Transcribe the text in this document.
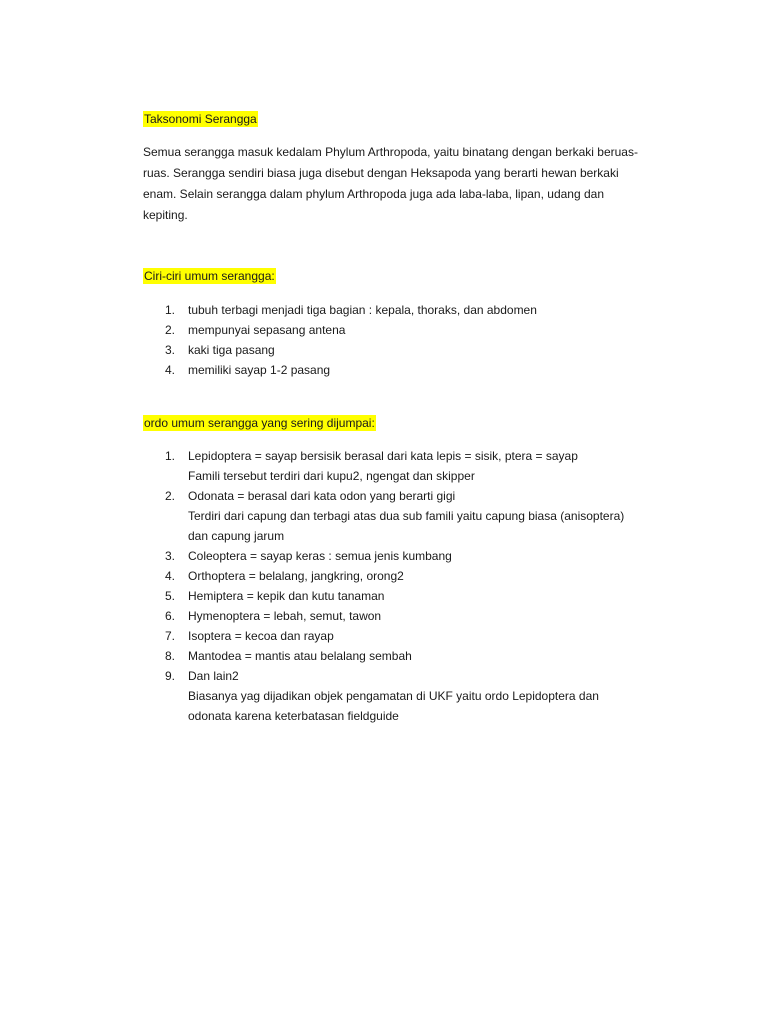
Taksonomi Serangga
Semua serangga masuk kedalam Phylum Arthropoda, yaitu binatang dengan berkaki beruas-
ruas. Serangga sendiri biasa juga disebut dengan Heksapoda yang berarti hewan berkaki
enam. Selain serangga dalam phylum Arthropoda juga ada laba-laba, lipan, udang dan
kepiting.
Ciri-ciri umum serangga:
1. tubuh terbagi menjadi tiga bagian : kepala, thoraks, dan abdomen
2. mempunyai sepasang antena
3. kaki tiga pasang
4. memiliki sayap 1-2 pasang
ordo umum serangga yang sering dijumpai:
1. Lepidoptera = sayap bersisik berasal dari kata lepis = sisik, ptera = sayap
Famili tersebut terdiri dari kupu2, ngengat dan skipper
2. Odonata = berasal dari kata odon yang berarti gigi
Terdiri dari capung dan terbagi atas dua sub famili yaitu capung biasa (anisoptera)
dan capung jarum
3. Coleoptera = sayap keras : semua jenis kumbang
4. Orthoptera = belalang, jangkring, orong2
5. Hemiptera = kepik dan kutu tanaman
6. Hymenoptera = lebah, semut, tawon
7. Isoptera = kecoa dan rayap
8. Mantodea = mantis atau belalang sembah
9. Dan lain2
Biasanya yag dijadikan objek pengamatan di UKF yaitu ordo Lepidoptera dan
odonata karena keterbatasan fieldguide
